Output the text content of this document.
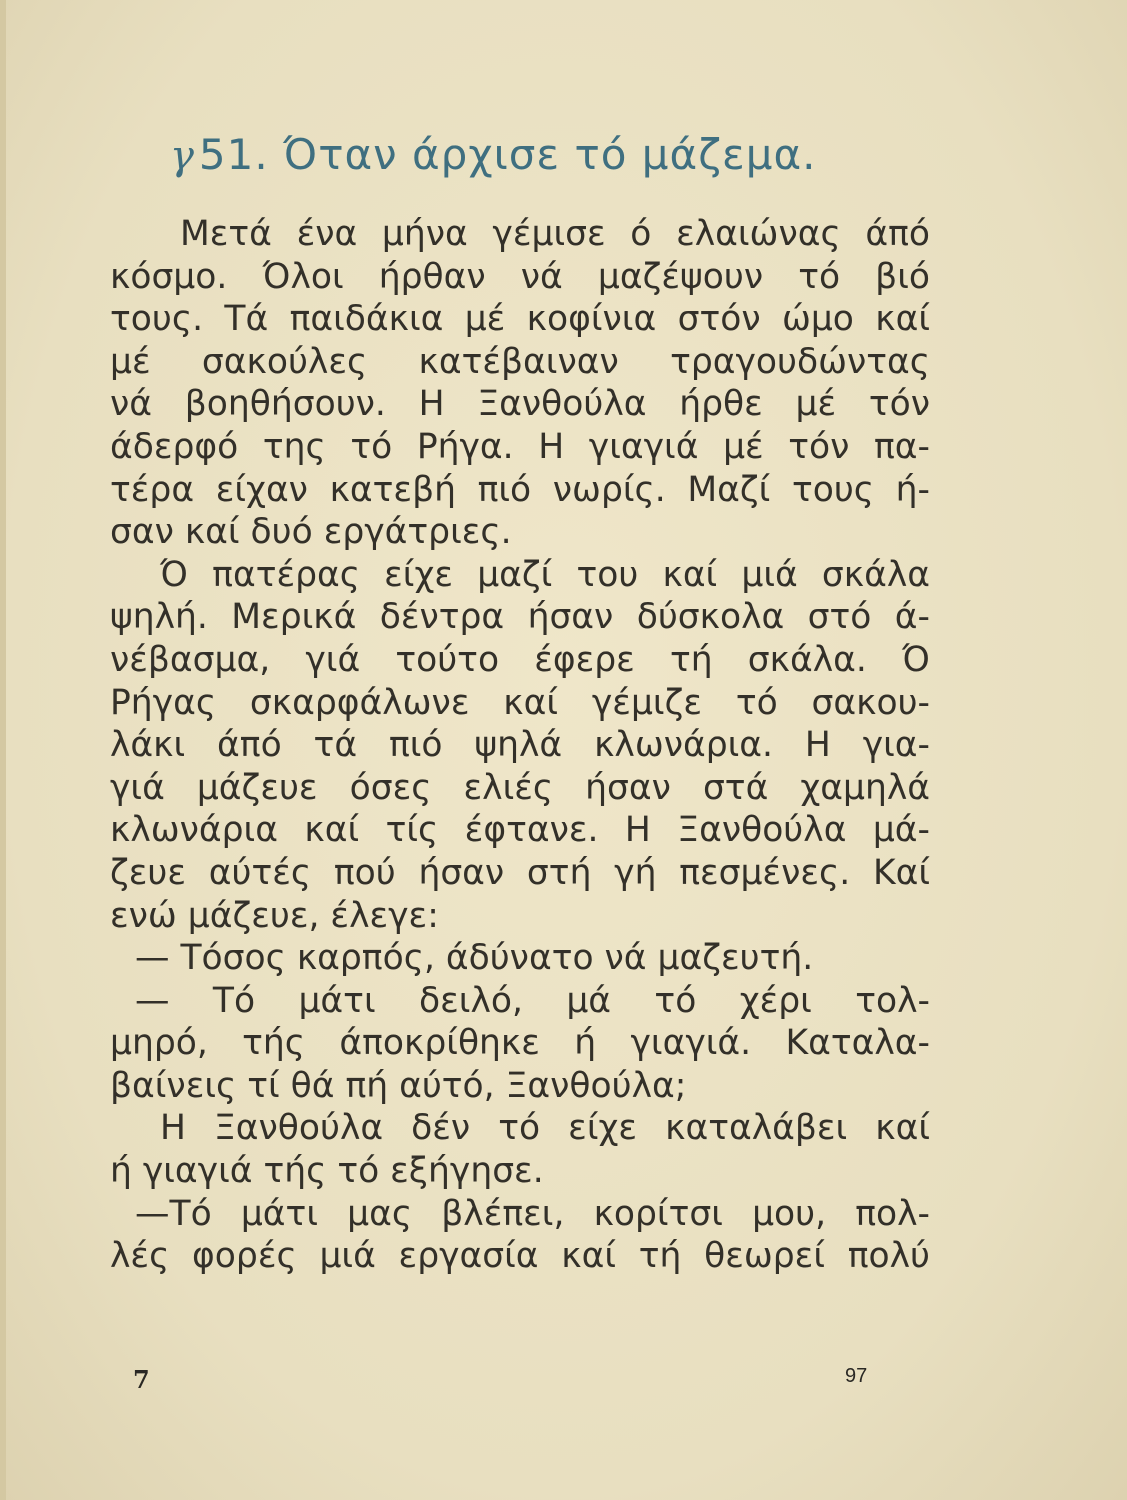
γ51. Όταν άρχισε τό μάζεμα.
Μετά ένα μήνα γέμισε ό ελαιώνας άπό
κόσμο. Όλοι ήρθαν νά μαζέψουν τό βιό
τους. Τά παιδάκια μέ κοφίνια στόν ώμο καί
μέ σακούλες κατέβαιναν τραγουδώντας
νά βοηθήσουν. Η Ξανθούλα ήρθε μέ τόν
άδερφό της τό Ρήγα. Η γιαγιά μέ τόν πα-
τέρα είχαν κατεβή πιό νωρίς. Μαζί τους ή-
σαν καί δυό εργάτριες.
Ό πατέρας είχε μαζί του καί μιά σκάλα
ψηλή. Μερικά δέντρα ήσαν δύσκολα στό ά-
νέβασμα, γιά τούτο έφερε τή σκάλα. Ό
Ρήγας σκαρφάλωνε καί γέμιζε τό σακου-
λάκι άπό τά πιό ψηλά κλωνάρια. Η για-
γιά μάζευε όσες ελιές ήσαν στά χαμηλά
κλωνάρια καί τίς έφτανε. Η Ξανθούλα μά-
ζευε αύτές πού ήσαν στή γή πεσμένες. Καί
ενώ μάζευε, έλεγε:
— Τόσος καρπός, άδύνατο νά μαζευτή.
— Τό μάτι δειλό, μά τό χέρι τολ-
μηρό, τής άποκρίθηκε ή γιαγιά. Καταλα-
βαίνεις τί θά πή αύτό, Ξανθούλα;
Η Ξανθούλα δέν τό είχε καταλάβει καί
ή γιαγιά τής τό εξήγησε.
—Τό μάτι μας βλέπει, κορίτσι μου, πολ-
λές φορές μιά εργασία καί τή θεωρεί πολύ
7	97
